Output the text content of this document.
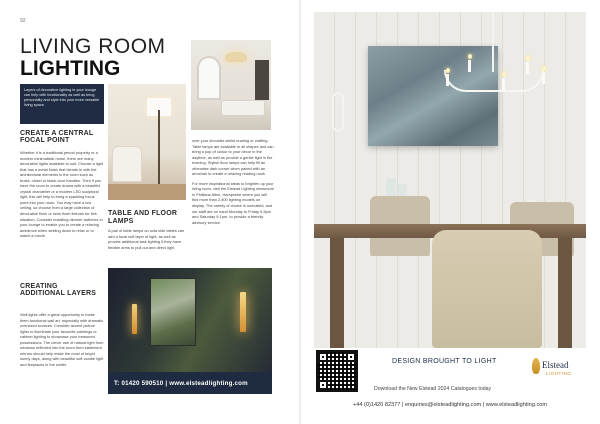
92
LIVING ROOM
LIGHTING

Layers of decorative lighting in your lounge can help with functionality as well as bring personality and style into your more versatile living space.

CREATE A CENTRAL FOCAL POINT

Whether it is a traditional period property or a modern minimalistic home, there are many decorative lights available to suit. Choose a light that has a metal finish that blends in with the architectural elements in the room such as brass, nickel or black door handles. Then if you have the room to create drama with a beautiful crystal chandelier or a modern LED sculptural light, this will help to bring a sparkling focus point into your room. You may have a low ceiling, so choose from a large collection of decorative flush or semi flush fixtures for this situation. Consider installing dimmer switches in your lounge to enable you to create a relaxing ambience when settling down to relax or to watch a movie.

CREATING ADDITIONAL LAYERS

Wall lights offer a great opportunity to make them functional wall art, especially with dramatic oversized sconces. Consider accent picture lights to illuminate your favourite paintings or cabinet lighting to showcase your treasured possessions. The clever use of natural light from windows reflected into the room from statement mirrors should help make the most of bright sunny days, along with beautiful soft candle light and fireplaces in the winter.

TABLE AND FLOOR LAMPS

A pair of table lamps on sofa side tables can add a focal soft layer of light, as well as provide additional task lighting if they have flexible arms to pull out and direct light

over your shoulder whilst reading or crafting. Table lamps are available in all shapes and can bring a pop of colour to your decor in the daytime, as well as provide a gentle light in the evening. Stylish floor lamps can help fill an otherwise dark corner when paired with an armchair to create a relaxing reading nook.

For more inspirational ideas to brighten up your living room, visit the Elstead Lighting showroom in Phillians Alton, Hampshire where you will find more than 2,500 lighting models on display. The variety of choice is unrivalled, and our staff are on hand Monday to Friday 9-5pm and Saturday 9-1pm, to provide a friendly advisory service.

T: 01420 590510 | www.elsteadlighting.com
DESIGN BROUGHT TO LIGHT
Download the New Elstead 2024 Catalogues today
Elstead
LIGHTING
+44 (0)1420 82377 | enquiries@elsteadlighting.com | www.elsteadlighting.com
